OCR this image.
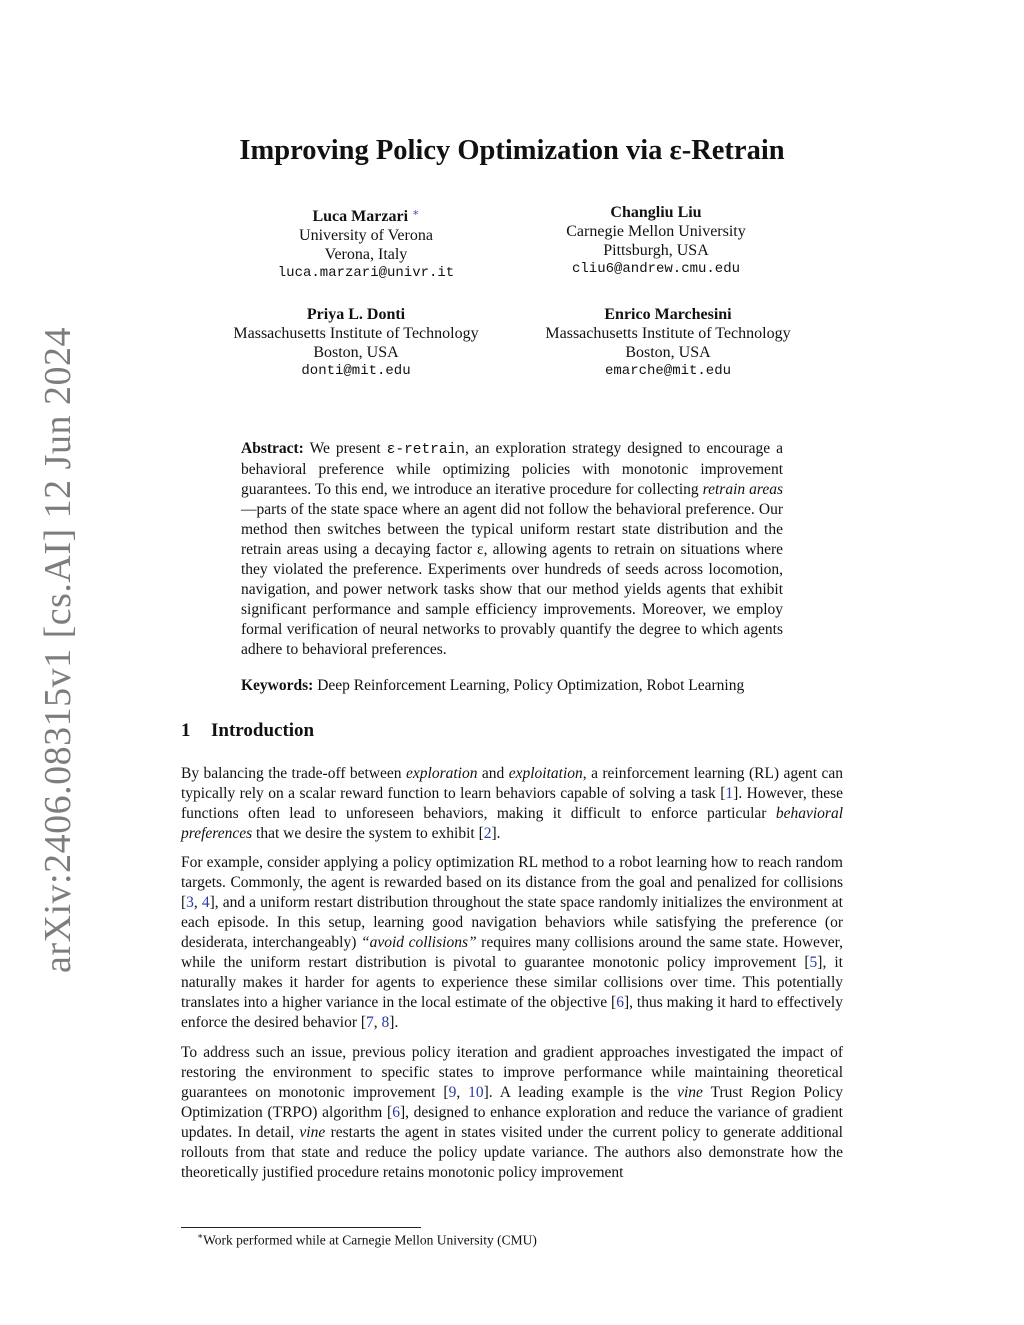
arXiv:2406.08315v1 [cs.AI] 12 Jun 2024
Improving Policy Optimization via ε-Retrain
Luca Marzari ∗
University of Verona
Verona, Italy
luca.marzari@univr.it
Changliu Liu
Carnegie Mellon University
Pittsburgh, USA
cliu6@andrew.cmu.edu
Priya L. Donti
Massachusetts Institute of Technology
Boston, USA
donti@mit.edu
Enrico Marchesini
Massachusetts Institute of Technology
Boston, USA
emarche@mit.edu
Abstract: We present ε-retrain, an exploration strategy designed to encourage a behavioral preference while optimizing policies with monotonic improvement guarantees. To this end, we introduce an iterative procedure for collecting retrain areas—parts of the state space where an agent did not follow the behavioral preference. Our method then switches between the typical uniform restart state distribution and the retrain areas using a decaying factor ε, allowing agents to retrain on situations where they violated the preference. Experiments over hundreds of seeds across locomotion, navigation, and power network tasks show that our method yields agents that exhibit significant performance and sample efficiency improvements. Moreover, we employ formal verification of neural networks to provably quantify the degree to which agents adhere to behavioral preferences.
Keywords: Deep Reinforcement Learning, Policy Optimization, Robot Learning
1 Introduction
By balancing the trade-off between exploration and exploitation, a reinforcement learning (RL) agent can typically rely on a scalar reward function to learn behaviors capable of solving a task [1]. However, these functions often lead to unforeseen behaviors, making it difficult to enforce particular behavioral preferences that we desire the system to exhibit [2].
For example, consider applying a policy optimization RL method to a robot learning how to reach random targets. Commonly, the agent is rewarded based on its distance from the goal and penalized for collisions [3, 4], and a uniform restart distribution throughout the state space randomly initializes the environment at each episode. In this setup, learning good navigation behaviors while satisfying the preference (or desiderata, interchangeably) “avoid collisions” requires many collisions around the same state. However, while the uniform restart distribution is pivotal to guarantee monotonic policy improvement [5], it naturally makes it harder for agents to experience these similar collisions over time. This potentially translates into a higher variance in the local estimate of the objective [6], thus making it hard to effectively enforce the desired behavior [7, 8].
To address such an issue, previous policy iteration and gradient approaches investigated the impact of restoring the environment to specific states to improve performance while maintaining theoretical guarantees on monotonic improvement [9, 10]. A leading example is the vine Trust Region Policy Optimization (TRPO) algorithm [6], designed to enhance exploration and reduce the variance of gradient updates. In detail, vine restarts the agent in states visited under the current policy to generate additional rollouts from that state and reduce the policy update variance. The authors also demonstrate how the theoretically justified procedure retains monotonic policy improvement
∗Work performed while at Carnegie Mellon University (CMU)
